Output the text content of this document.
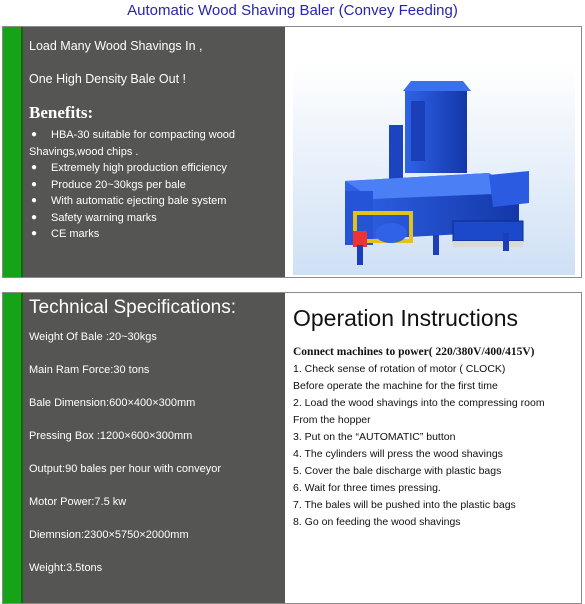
Automatic Wood Shaving Baler (Convey Feeding)
Load Many Wood Shavings In ,
One High Density Bale Out !
Benefits:
● HBA-30 suitable for compacting wood
Shavings,wood chips .
● Extremely high production efficiency
● Produce 20~30kgs per bale
● With automatic ejecting bale system
● Safety warning marks
● CE marks
Technical Specifications:
Weight Of Bale :20~30kgs
Main Ram Force:30 tons
Bale Dimension:600×400×300mm
Pressing Box :1200×600×300mm
Output:90 bales per hour with conveyor
Motor Power:7.5 kw
Diemnsion:2300×5750×2000mm
Weight:3.5tons
Operation Instructions
Connect machines to power( 220/380V/400/415V)
1. Check sense of rotation of motor ( CLOCK)
Before operate the machine for the first time
2. Load the wood shavings into the compressing room
From the hopper
3. Put on the “AUTOMATIC” button
4. The cylinders will press the wood shavings
5. Cover the bale discharge with plastic bags
6. Wait for three times pressing.
7. The bales will be pushed into the plastic bags
8. Go on feeding the wood shavings
